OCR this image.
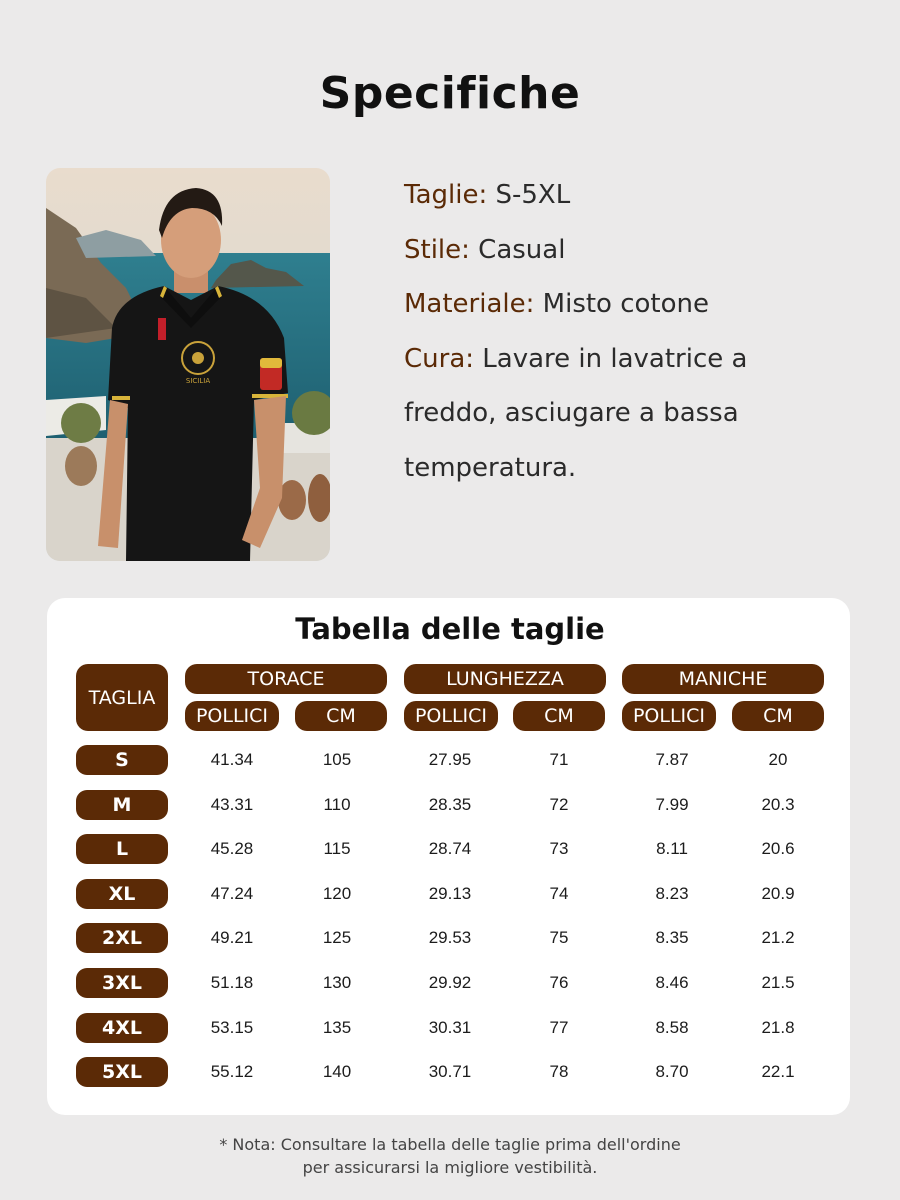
Specifiche
SICILIA
Taglie: S-5XL
Stile: Casual
Materiale: Misto cotone
Cura: Lavare in lavatrice a freddo, asciugare a bassa temperatura.
Tabella delle taglie
TAGLIA
TORACE	LUNGHEZZA	MANICHE
POLLICI	CM	POLLICI	CM	POLLICI	CM
S	41.34	105	27.95	71	7.87	20
M	43.31	110	28.35	72	7.99	20.3
L	45.28	115	28.74	73	8.11	20.6
XL	47.24	120	29.13	74	8.23	20.9
2XL	49.21	125	29.53	75	8.35	21.2
3XL	51.18	130	29.92	76	8.46	21.5
4XL	53.15	135	30.31	77	8.58	21.8
5XL	55.12	140	30.71	78	8.70	22.1
* Nota: Consultare la tabella delle taglie prima dell'ordine
per assicurarsi la migliore vestibilità.
